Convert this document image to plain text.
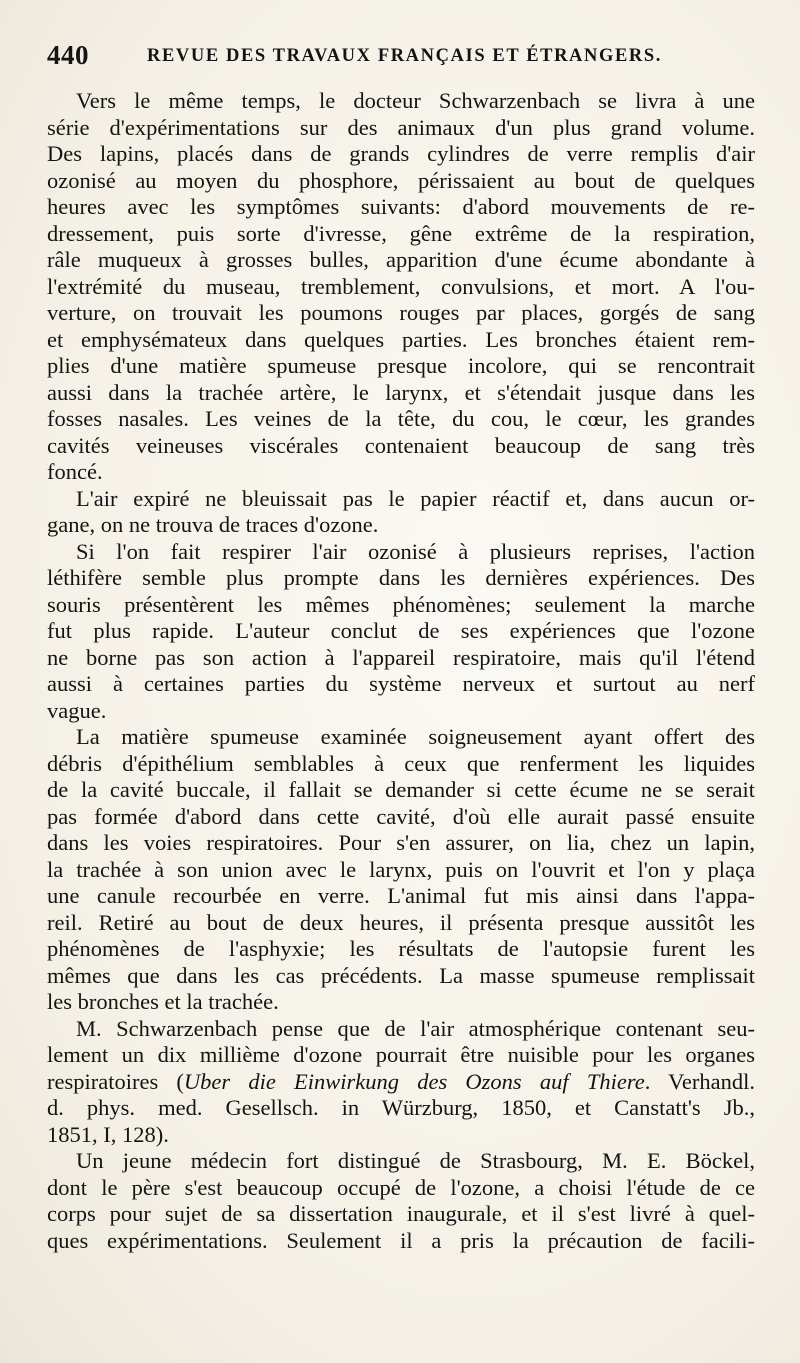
440	REVUE DES TRAVAUX FRANÇAIS ET ÉTRANGERS.
Vers le même temps, le docteur Schwarzenbach se livra à une
série d'expérimentations sur des animaux d'un plus grand volume.
Des lapins, placés dans de grands cylindres de verre remplis d'air
ozonisé au moyen du phosphore, périssaient au bout de quelques
heures avec les symptômes suivants: d'abord mouvements de re-
dressement, puis sorte d'ivresse, gêne extrême de la respiration,
râle muqueux à grosses bulles, apparition d'une écume abondante à
l'extrémité du museau, tremblement, convulsions, et mort. A l'ou-
verture, on trouvait les poumons rouges par places, gorgés de sang
et emphysémateux dans quelques parties. Les bronches étaient rem-
plies d'une matière spumeuse presque incolore, qui se rencontrait
aussi dans la trachée artère, le larynx, et s'étendait jusque dans les
fosses nasales. Les veines de la tête, du cou, le cœur, les grandes
cavités veineuses viscérales contenaient beaucoup de sang très
foncé.
L'air expiré ne bleuissait pas le papier réactif et, dans aucun or-
gane, on ne trouva de traces d'ozone.
Si l'on fait respirer l'air ozonisé à plusieurs reprises, l'action
léthifère semble plus prompte dans les dernières expériences. Des
souris présentèrent les mêmes phénomènes; seulement la marche
fut plus rapide. L'auteur conclut de ses expériences que l'ozone
ne borne pas son action à l'appareil respiratoire, mais qu'il l'étend
aussi à certaines parties du système nerveux et surtout au nerf
vague.
La matière spumeuse examinée soigneusement ayant offert des
débris d'épithélium semblables à ceux que renferment les liquides
de la cavité buccale, il fallait se demander si cette écume ne se serait
pas formée d'abord dans cette cavité, d'où elle aurait passé ensuite
dans les voies respiratoires. Pour s'en assurer, on lia, chez un lapin,
la trachée à son union avec le larynx, puis on l'ouvrit et l'on y plaça
une canule recourbée en verre. L'animal fut mis ainsi dans l'appa-
reil. Retiré au bout de deux heures, il présenta presque aussitôt les
phénomènes de l'asphyxie; les résultats de l'autopsie furent les
mêmes que dans les cas précédents. La masse spumeuse remplissait
les bronches et la trachée.
M. Schwarzenbach pense que de l'air atmosphérique contenant seu-
lement un dix millième d'ozone pourrait être nuisible pour les organes
respiratoires (Uber die Einwirkung des Ozons auf Thiere. Verhandl.
d. phys. med. Gesellsch. in Würzburg, 1850, et Canstatt's Jb.,
1851, I, 128).
Un jeune médecin fort distingué de Strasbourg, M. E. Böckel,
dont le père s'est beaucoup occupé de l'ozone, a choisi l'étude de ce
corps pour sujet de sa dissertation inaugurale, et il s'est livré à quel-
ques expérimentations. Seulement il a pris la précaution de facili-
